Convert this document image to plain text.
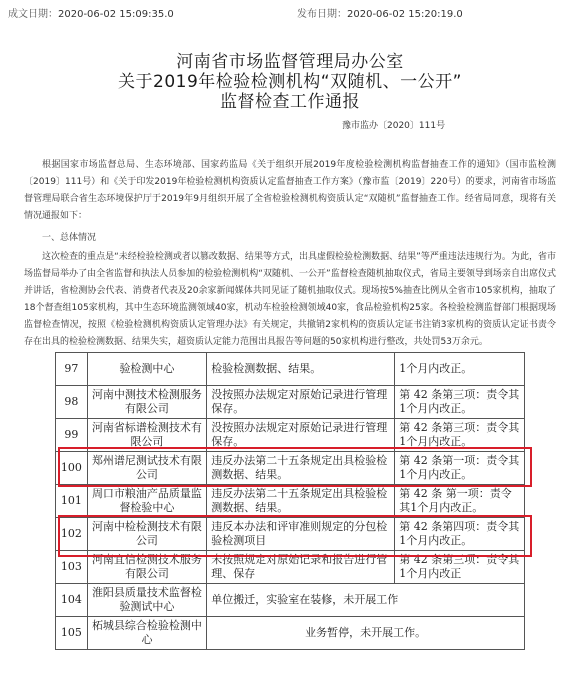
成文日期：2020-06-02 15:09:35.0	发布日期：2020-06-02 15:20:19.0
河南省市场监督管理局办公室
关于2019年检验检测机构“双随机、一公开”
监督检查工作通报
豫市监办〔2020〕111号

根据国家市场监督总局、生态环境部、国家药监局《关于组织开展2019年度检验检测机构监督抽查工作的通知》（国市监检测〔2019〕111号）和《关于印发2019年检验检测机构资质认定监督抽查工作方案》（豫市监〔2019〕220号）的要求，河南省市场监督管理局联合省生态环境保护厅于2019年9月组织开展了全省检验检测机构资质认定“双随机”监督抽查工作。经省局同意，现将有关情况通报如下：

一、总体情况

这次检查的重点是“未经检验检测或者以篡改数据、结果等方式，出具虚假检验检测数据、结果”等严重违法违规行为。为此，省市场监督局举办了由全省监督和执法人员参加的检验检测机构“双随机、一公开”监督检查随机抽取仪式，省局主要领导到场亲自出席仪式并讲话，省检测协会代表、消费者代表及20余家新闻媒体共同见证了随机抽取仪式。现场按5%抽查比例从全省市105家机构，抽取了18个督查组105家机构，其中生态环境监测领域40家，机动车检验检测领域40家，食品检验机构25家。各检验检测监督部门根据现场监督检查情况，按照《检验检测机构资质认定管理办法》有关规定，共撤销2家机构的资质认定证书注销3家机构的资质认定证书责令存在出具的检验检测数据、结果失实，超资质认定能力范围出具报告等问题的50家机构进行整改，共处罚53万余元。

97	验检测中心	检验检测数据、结果。	1个月内改正。
98	河南中测技术检测服务有限公司	没按照办法规定对原始记录进行管理保存。	第 42 条第三项：责令其1个月内改正。
99	河南省标谱检测技术有限公司	没按照办法规定对原始记录进行管理保存。	第 42 条第三项：责令其1个月内改正。
100	郑州谱尼测试技术有限公司	违反办法第二十五条规定出具检验检测数据、结果。	第 42 条第一项：责令其1个月内改正。
101	周口市粮油产品质量监督检验中心	违反办法第二十五条规定出具检验检测数据、结果。	第 42 条 第一项：责令其1个月内改正。
102	河南中检检测技术有限公司	违反本办法和评审准则规定的分包检验检测项目	第 42 条第四项：责令其1个月内改正。
103	河南宜信检测技术服务有限公司	未按照规定对原始记录和报告进行管理、保存	第 42 条第三项：责令其1个月内改正
104	淮阳县质量技术监督检验测试中心	单位搬迁，实验室在装修，未开展工作	
105	柘城县综合检验检测中心	业务暂停，未开展工作。	
